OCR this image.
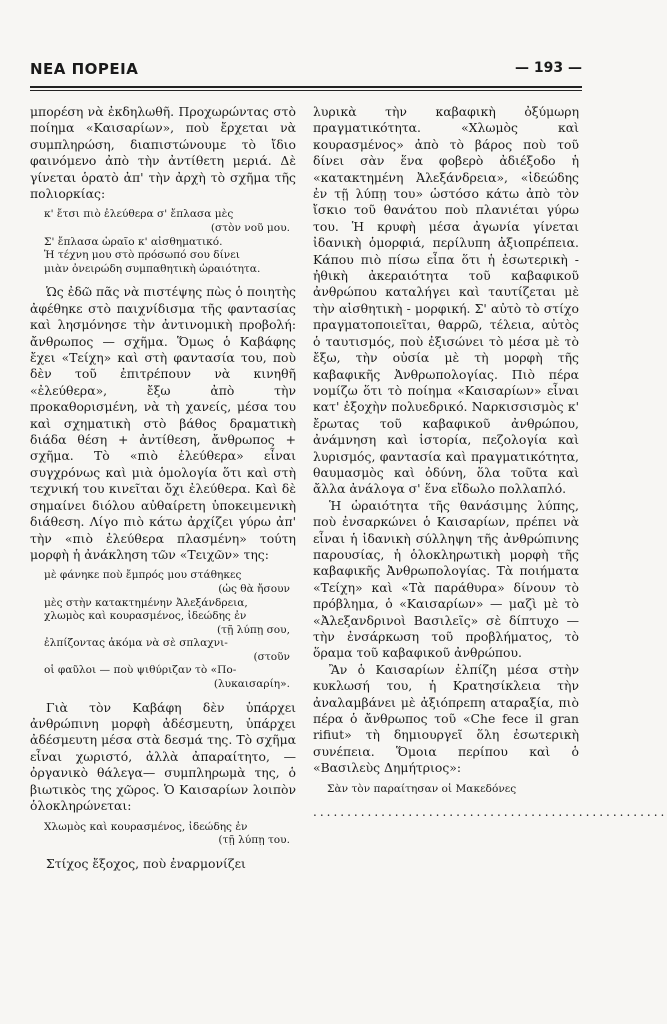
ΝΕΑ ΠΟΡΕΙΑ	— 193 —

μπορέση νὰ ἐκδηλωθῆ. Προχωρώντας στὸ ποίημα «Καισαρίων», ποὺ ἔρχεται νὰ συμπληρώση, διαπιστώνουμε τὸ ἴδιο φαινόμενο ἀπὸ τὴν ἀντίθετη μεριά. Δὲ γίνεται ὁρατὸ ἀπ' τὴν ἀρχὴ τὸ σχῆμα τῆς πολιορκίας:

κ' ἔτσι πιὸ ἐλεύθερα σ' ἔπλασα μὲς
(στὸν νοῦ μου.
Σ' ἔπλασα ὡραῖο κ' αἰσθηματικό.
Ἡ τέχνη μου στὸ πρόσωπό σου δίνει
μιὰν ὀνειρώδη συμπαθητικὴ ὡραιότητα.

Ὡς ἐδῶ πᾶς νὰ πιστέψης πὼς ὁ ποιητὴς ἀφέθηκε στὸ παιχνίδισμα τῆς φαντασίας καὶ λησμόνησε τὴν ἀντινομικὴ προβολή: ἄνθρωπος — σχῆμα. Ὅμως ὁ Καβάφης ἔχει «Τείχη» καὶ στὴ φαντασία του, ποὺ δὲν τοῦ ἐπιτρέπουν νὰ κινηθῆ «ἐλεύθερα», ἔξω ἀπὸ τὴν προκαθορισμένη, νὰ τὴ χανείς, μέσα του καὶ σχηματικὴ στὸ βάθος δραματικὴ διάδα θέση + ἀντίθεση, ἄνθρωπος + σχῆμα. Τὸ «πιὸ ἐλεύθερα» εἶναι συγχρόνως καὶ μιὰ ὁμολογία ὅτι καὶ στὴ τεχνική του κινεῖται ὄχι ἐλεύθερα. Καὶ δὲ σημαίνει διόλου αὐθαίρετη ὑποκειμενικὴ διάθεση. Λίγο πιὸ κάτω ἀρχίζει γύρω ἀπ' τὴν «πιὸ ἐλεύθερα πλασμένη» τούτη μορφὴ ἡ ἀνάκληση τῶν «Τειχῶν» της:

μὲ φάνηκε ποὺ ἔμπρός μου στάθηκες
(ὡς θὰ ἤσουν
μὲς στὴν κατακτημένην Ἀλεξάνδρεια,
χλωμὸς καὶ κουρασμένος, ἰδεώδης ἐν
(τῇ λύπῃ σου,
ἐλπίζοντας ἀκόμα νὰ σὲ σπλαχνι-
(στοῦν
οἱ φαῦλοι — ποὺ ψιθύριζαν τὸ «Πο-
(λυκαισαρίη».

Γιὰ τὸν Καβάφη δὲν ὑπάρχει ἀνθρώπινη μορφὴ ἀδέσμευτη, ὑπάρχει ἀδέσμευτη μέσα στὰ δεσμά της. Τὸ σχῆμα εἶναι χωριστό, ἀλλὰ ἀπαραίτητο, —ὀργανικὸ θάλεγα— συμπληρωμὰ της, ὁ βιωτικὸς της χῶρος. Ὁ Καισαρίων λοιπὸν ὁλοκληρώνεται:

Χλωμὸς καὶ κουρασμένος, ἰδεώδης ἐν
(τῇ λύπῃ του.

Στίχος ἔξοχος, ποὺ ἐναρμονίζει

λυρικὰ τὴν καβαφικὴ ὀξύμωρη πραγματικότητα. «Χλωμὸς καὶ κουρασμένος» ἀπὸ τὸ βάρος ποὺ τοῦ δίνει σὰν ἕνα φοβερὸ ἀδιέξοδο ἡ «κατακτημένη Ἀλεξάνδρεια», «ἰδεώδης ἐν τῇ λύπῃ του» ὡστόσο κάτω ἀπὸ τὸν ἴσκιο τοῦ θανάτου ποὺ πλανιέται γύρω του. Ἡ κρυφὴ μέσα ἀγωνία γίνεται ἰδανικὴ ὁμορφιά, περίλυπη ἀξιοπρέπεια. Κάπου πιὸ πίσω εἶπα ὅτι ἡ ἐσωτερικὴ - ἠθικὴ ἀκεραιότητα τοῦ καβαφικοῦ ἀνθρώπου καταλήγει καὶ ταυτίζεται μὲ τὴν αἰσθητικὴ - μορφική. Σ' αὐτὸ τὸ στίχο πραγματοποιεῖται, θαρρῶ, τέλεια, αὐτὸς ὁ ταυτισμός, ποὺ ἐξισώνει τὸ μέσα μὲ τὸ ἔξω, τὴν οὐσία μὲ τὴ μορφὴ τῆς καβαφικῆς Ἀνθρωπολογίας. Πιὸ πέρα νομίζω ὅτι τὸ ποίημα «Καισαρίων» εἶναι κατ' ἐξοχὴν πολυεδρικό. Ναρκισσισμὸς κ' ἔρωτας τοῦ καβαφικοῦ ἀνθρώπου, ἀνάμνηση καὶ ἱστορία, πεζολογία καὶ λυρισμός, φαντασία καὶ πραγματικότητα, θαυμασμὸς καὶ ὀδύνη, ὅλα τοῦτα καὶ ἄλλα ἀνάλογα σ' ἕνα εἴδωλο πολλαπλό.

Ἡ ὡραιότητα τῆς θανάσιμης λύπης, ποὺ ἐνσαρκώνει ὁ Καισαρίων, πρέπει νὰ εἶναι ἡ ἰδανικὴ σύλληψη τῆς ἀνθρώπινης παρουσίας, ἡ ὁλοκληρωτικὴ μορφὴ τῆς καβαφικῆς Ἀνθρωπολογίας. Τὰ ποιήματα «Τείχη» καὶ «Τὰ παράθυρα» δίνουν τὸ πρόβλημα, ὁ «Καισαρίων» — μαζὶ μὲ τὸ «Ἀλεξανδρινοὶ Βασιλεῖς» σὲ δίπτυχο — τὴν ἐνσάρκωση τοῦ προβλήματος, τὸ ὅραμα τοῦ καβαφικοῦ ἀνθρώπου.

Ἂν ὁ Καισαρίων ἐλπίζη μέσα στὴν κυκλωσή του, ἡ Κρατησίκλεια τὴν ἀναλαμβάνει μὲ ἀξιόπρεπη αταραξία, πιὸ πέρα ὁ ἄνθρωπος τοῦ «Che fece il gran rifiut» τὴ δημιουργεῖ ὅλη ἐσωτερικὴ συνέπεια. Ὅμοια περίπου καὶ ὁ «Βασιλεὺς Δημήτριος»:

Σὰν τὸν παραίτησαν οἱ Μακεδόνες
....................................................
